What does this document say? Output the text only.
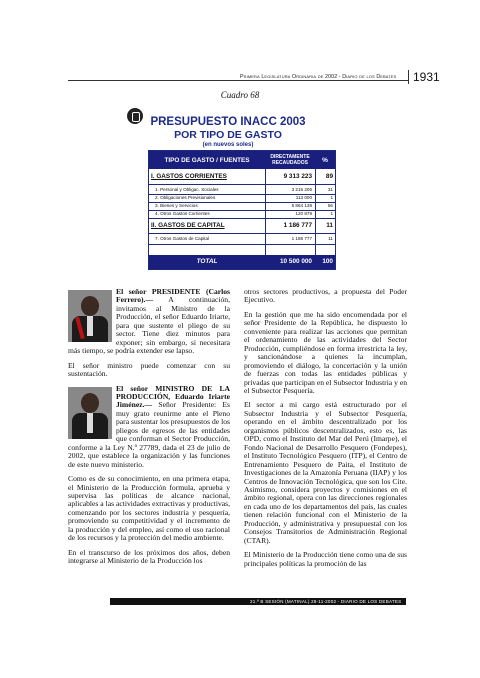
Primera Legislatura Ordinaria de 2002 - Diario de los Debates 1931
Cuadro 68
PRESUPUESTO INACC 2003
POR TIPO DE GASTO
(en nuevos soles)
TIPO DE GASTO / FUENTES	DIRECTAMENTE RECAUDADOS	%
I. GASTOS CORRIENTES	9 313 223	89
1. Personal y Obligac. Sociales	3 215 206	31
2. Obligaciones Previsionales	113 000	1
3. Bienes y Servicios	5 864 138	56
4. Otros Gastos Corrientes	120 879	1
II. GASTOS DE CAPITAL	1 186 777	11
7. Otros Gastos de Capital	1 186 777	11
TOTAL	10 500 000	100

El señor PRESIDENTE (Carlos Ferrero).— A continuación, invitamos al Ministro de la Producción, el señor Eduardo Iriarte, para que sustente el pliego de su sector. Tiene diez minutos para exponer; sin embargo, si necesitara más tiempo, se podría extender ese lapso.

El señor ministro puede comenzar con su sustentación.

El señor MINISTRO DE LA PRODUCCIÓN, Eduardo Iriarte Jiménez.— Señor Presidente: Es muy grato reunirme ante el Pleno para sustentar los presupuestos de los pliegos de egresos de las entidades que conforman el Sector Producción, conforme a la Ley N.º 27789, dada el 23 de julio de 2002, que establece la organización y las funciones de este nuevo ministerio.

Como es de su conocimiento, en una primera etapa, el Ministerio de la Producción formula, aprueba y supervisa las políticas de alcance nacional, aplicables a las actividades extractivas y productivas, comenzando por los sectores industria y pesquería, promoviendo su competitividad y el incremento de la producción y del empleo, así como el uso racional de los recursos y la protección del medio ambiente.

En el transcurso de los próximos dos años, deben integrarse al Ministerio de la Producción los

otros sectores productivos, a propuesta del Poder Ejecutivo.

En la gestión que me ha sido encomendada por el señor Presidente de la República, he dispuesto lo conveniente para realizar las acciones que permitan el ordenamiento de las actividades del Sector Producción, cumpliéndose en forma irrestricta la ley, y sancionándose a quienes la incumplan, promoviendo el diálogo, la concertación y la unión de fuerzas con todas las entidades públicas y privadas que participan en el Subsector Industria y en el Subsector Pesquería.

El sector a mi cargo está estructurado por el Subsector Industria y el Subsector Pesquería, operando en el ámbito descentralizado por los organismos públicos descentralizados, esto es, las OPD, como el Instituto del Mar del Perú (Imarpe), el Fondo Nacional de Desarrollo Pesquero (Fondepes), el Instituto Tecnológico Pesquero (ITP), el Centro de Entrenamiento Pesquero de Paita, el Instituto de Investigaciones de la Amazonía Peruana (IIAP) y los Centros de Innovación Tecnológica, que son los Cite. Asimismo, considera proyectos y comisiones en el ámbito regional, opera con las direcciones regionales en cada uno de los departamentos del país, las cuales tienen relación funcional con el Ministerio de la Producción, y administrativa y presupuestal con los Consejos Transitorios de Administración Regional (CTAR).

El Ministerio de la Producción tiene como una de sus principales políticas la promoción de las

21.ª B SESIÓN (MATINAL) 28-11-2002 - DIARIO DE LOS DEBATES
